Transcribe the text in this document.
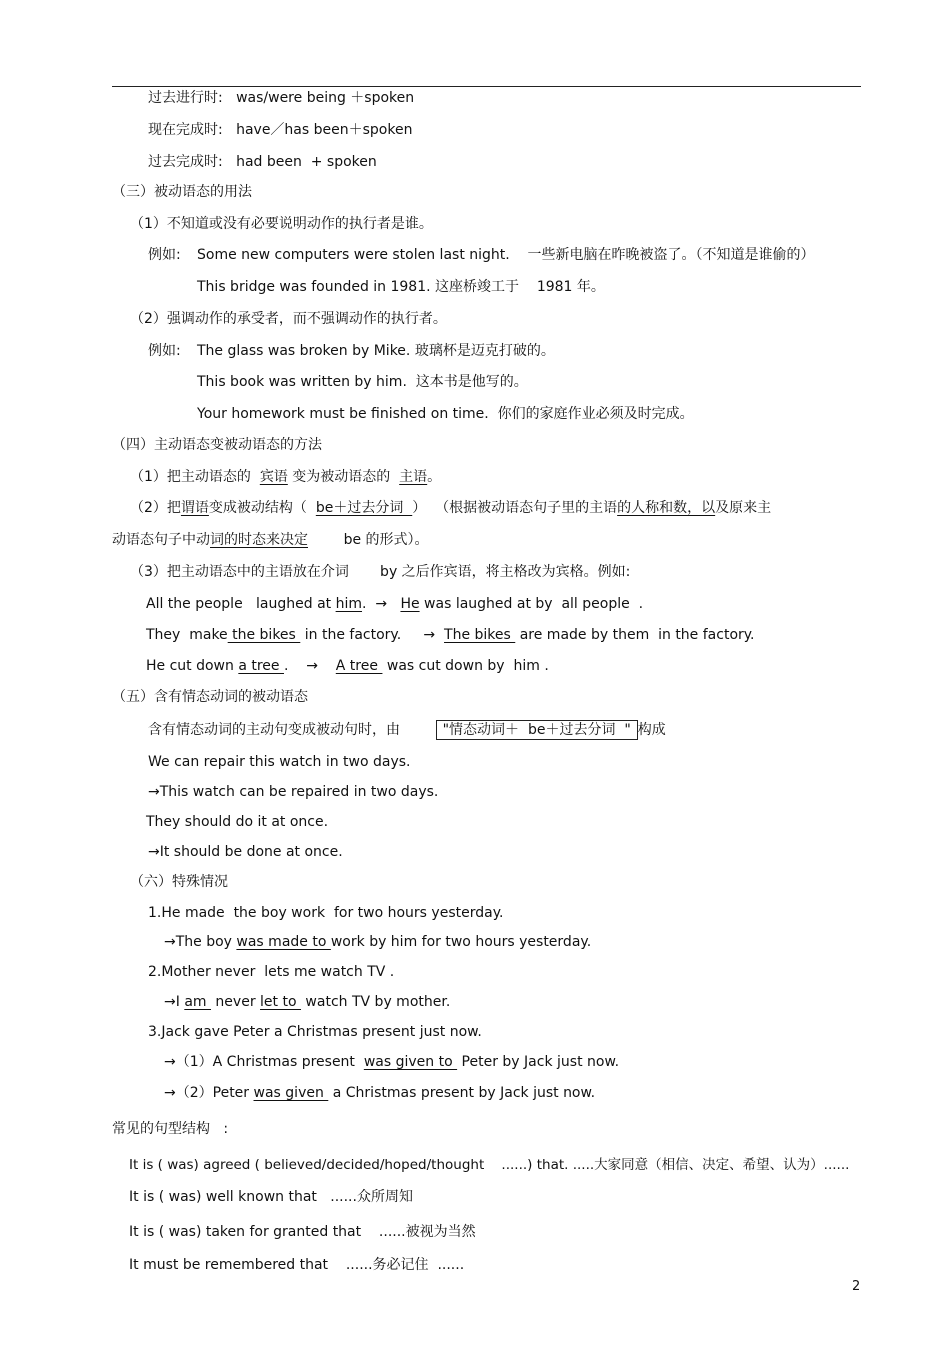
过去进行时: was/were being ＋spoken
现在完成时: have／has been＋spoken
过去完成时: had been  + spoken
（三）被动语态的用法
（1）不知道或没有必要说明动作的执行者是谁。
例如: Some new computers were stolen last night.    一些新电脑在昨晚被盗了。（不知道是谁偷的）
This bridge was founded in 1981. 这座桥竣工于    1981 年。
（2）强调动作的承受者，而不强调动作的执行者。
例如: The glass was broken by Mike. 玻璃杯是迈克打破的。
This book was written by him.  这本书是他写的。
Your homework must be finished on time.  你们的家庭作业必须及时完成。
（四）主动语态变被动语态的方法
（1）把主动语态的  宾语 变为被动语态的  主语。
（2）把谓语变成被动结构（  be＋过去分词  ）  （根据被动语态句子里的主语的人称和数，以及原来主
动语态句子中动词的时态来决定        be 的形式）。
（3）把主动语态中的主语放在介词       by 之后作宾语，将主格改为宾格。例如:
All the people   laughed at him.  →   He was laughed at by  all people  .
They  make the bikes  in the factory.     →  The bikes  are made by them  in the factory.
He cut down a tree .    →    A tree  was cut down by  him .
（五）含有情态动词的被动语态
含有情态动词的主动句变成被动句时，由        "情态动词＋  be＋过去分词  " 构成
We can repair this watch in two days.
→This watch can be repaired in two days.
They should do it at once.
→It should be done at once.
（六）特殊情况
1.He made  the boy work  for two hours yesterday.
→The boy was made to work by him for two hours yesterday.
2.Mother never  lets me watch TV .
→I am  never let to  watch TV by mother.
3.Jack gave Peter a Christmas present just now.
→（1）A Christmas present  was given to  Peter by Jack just now.
→（2）Peter was given  a Christmas present by Jack just now.
常见的句型结构   :
It is ( was) agreed ( believed/decided/hoped/thought    ......) that. .....大家同意（相信、决定、希望、认为）......
It is ( was) well known that   ......众所周知
It is ( was) taken for granted that    ......被视为当然
It must be remembered that    ......务必记住  ......
2
